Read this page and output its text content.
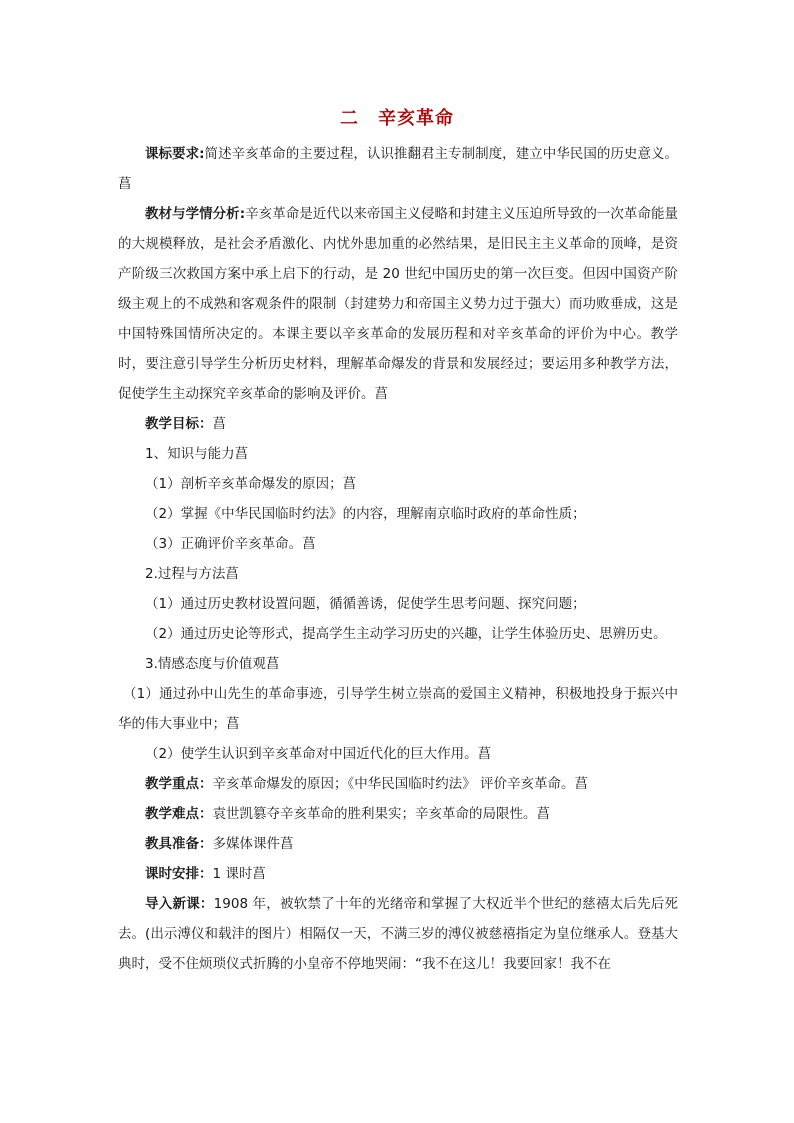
二　辛亥革命

课标要求:简述辛亥革命的主要过程，认识推翻君主专制制度，建立中华民国的历史意义。菖

教材与学情分析:辛亥革命是近代以来帝国主义侵略和封建主义压迫所导致的一次革命能量的大规模释放，是社会矛盾激化、内忧外患加重的必然结果，是旧民主主义革命的顶峰，是资产阶级三次救国方案中承上启下的行动，是 20 世纪中国历史的第一次巨变。但因中国资产阶级主观上的不成熟和客观条件的限制（封建势力和帝国主义势力过于强大）而功败垂成，这是中国特殊国情所决定的。本课主要以辛亥革命的发展历程和对辛亥革命的评价为中心。教学时，要注意引导学生分析历史材料，理解革命爆发的背景和发展经过；要运用多种教学方法，促使学生主动探究辛亥革命的影响及评价。菖

教学目标：菖

1、知识与能力菖

（1）剖析辛亥革命爆发的原因；菖

（2）掌握《中华民国临时约法》的内容，理解南京临时政府的革命性质；

（3）正确评价辛亥革命。菖

2.过程与方法菖

（1）通过历史教材设置问题，循循善诱，促使学生思考问题、探究问题；

（2）通过历史论等形式，提高学生主动学习历史的兴趣，让学生体验历史、思辨历史。

3.情感态度与价值观菖

（1）通过孙中山先生的革命事迹，引导学生树立崇高的爱国主义精神，积极地投身于振兴中华的伟大事业中；菖

（2）使学生认识到辛亥革命对中国近代化的巨大作用。菖

教学重点：辛亥革命爆发的原因；《中华民国临时约法》 评价辛亥革命。菖

教学难点：袁世凯篡夺辛亥革命的胜利果实；辛亥革命的局限性。菖

教具准备：多媒体课件菖

课时安排：1 课时菖

导入新课：1908 年，被软禁了十年的光绪帝和掌握了大权近半个世纪的慈禧太后先后死去。(出示溥仪和载沣的图片）相隔仅一天，不满三岁的溥仪被慈禧指定为皇位继承人。登基大典时，受不住烦琐仪式折腾的小皇帝不停地哭闹：“我不在这儿！我要回家！我不在
